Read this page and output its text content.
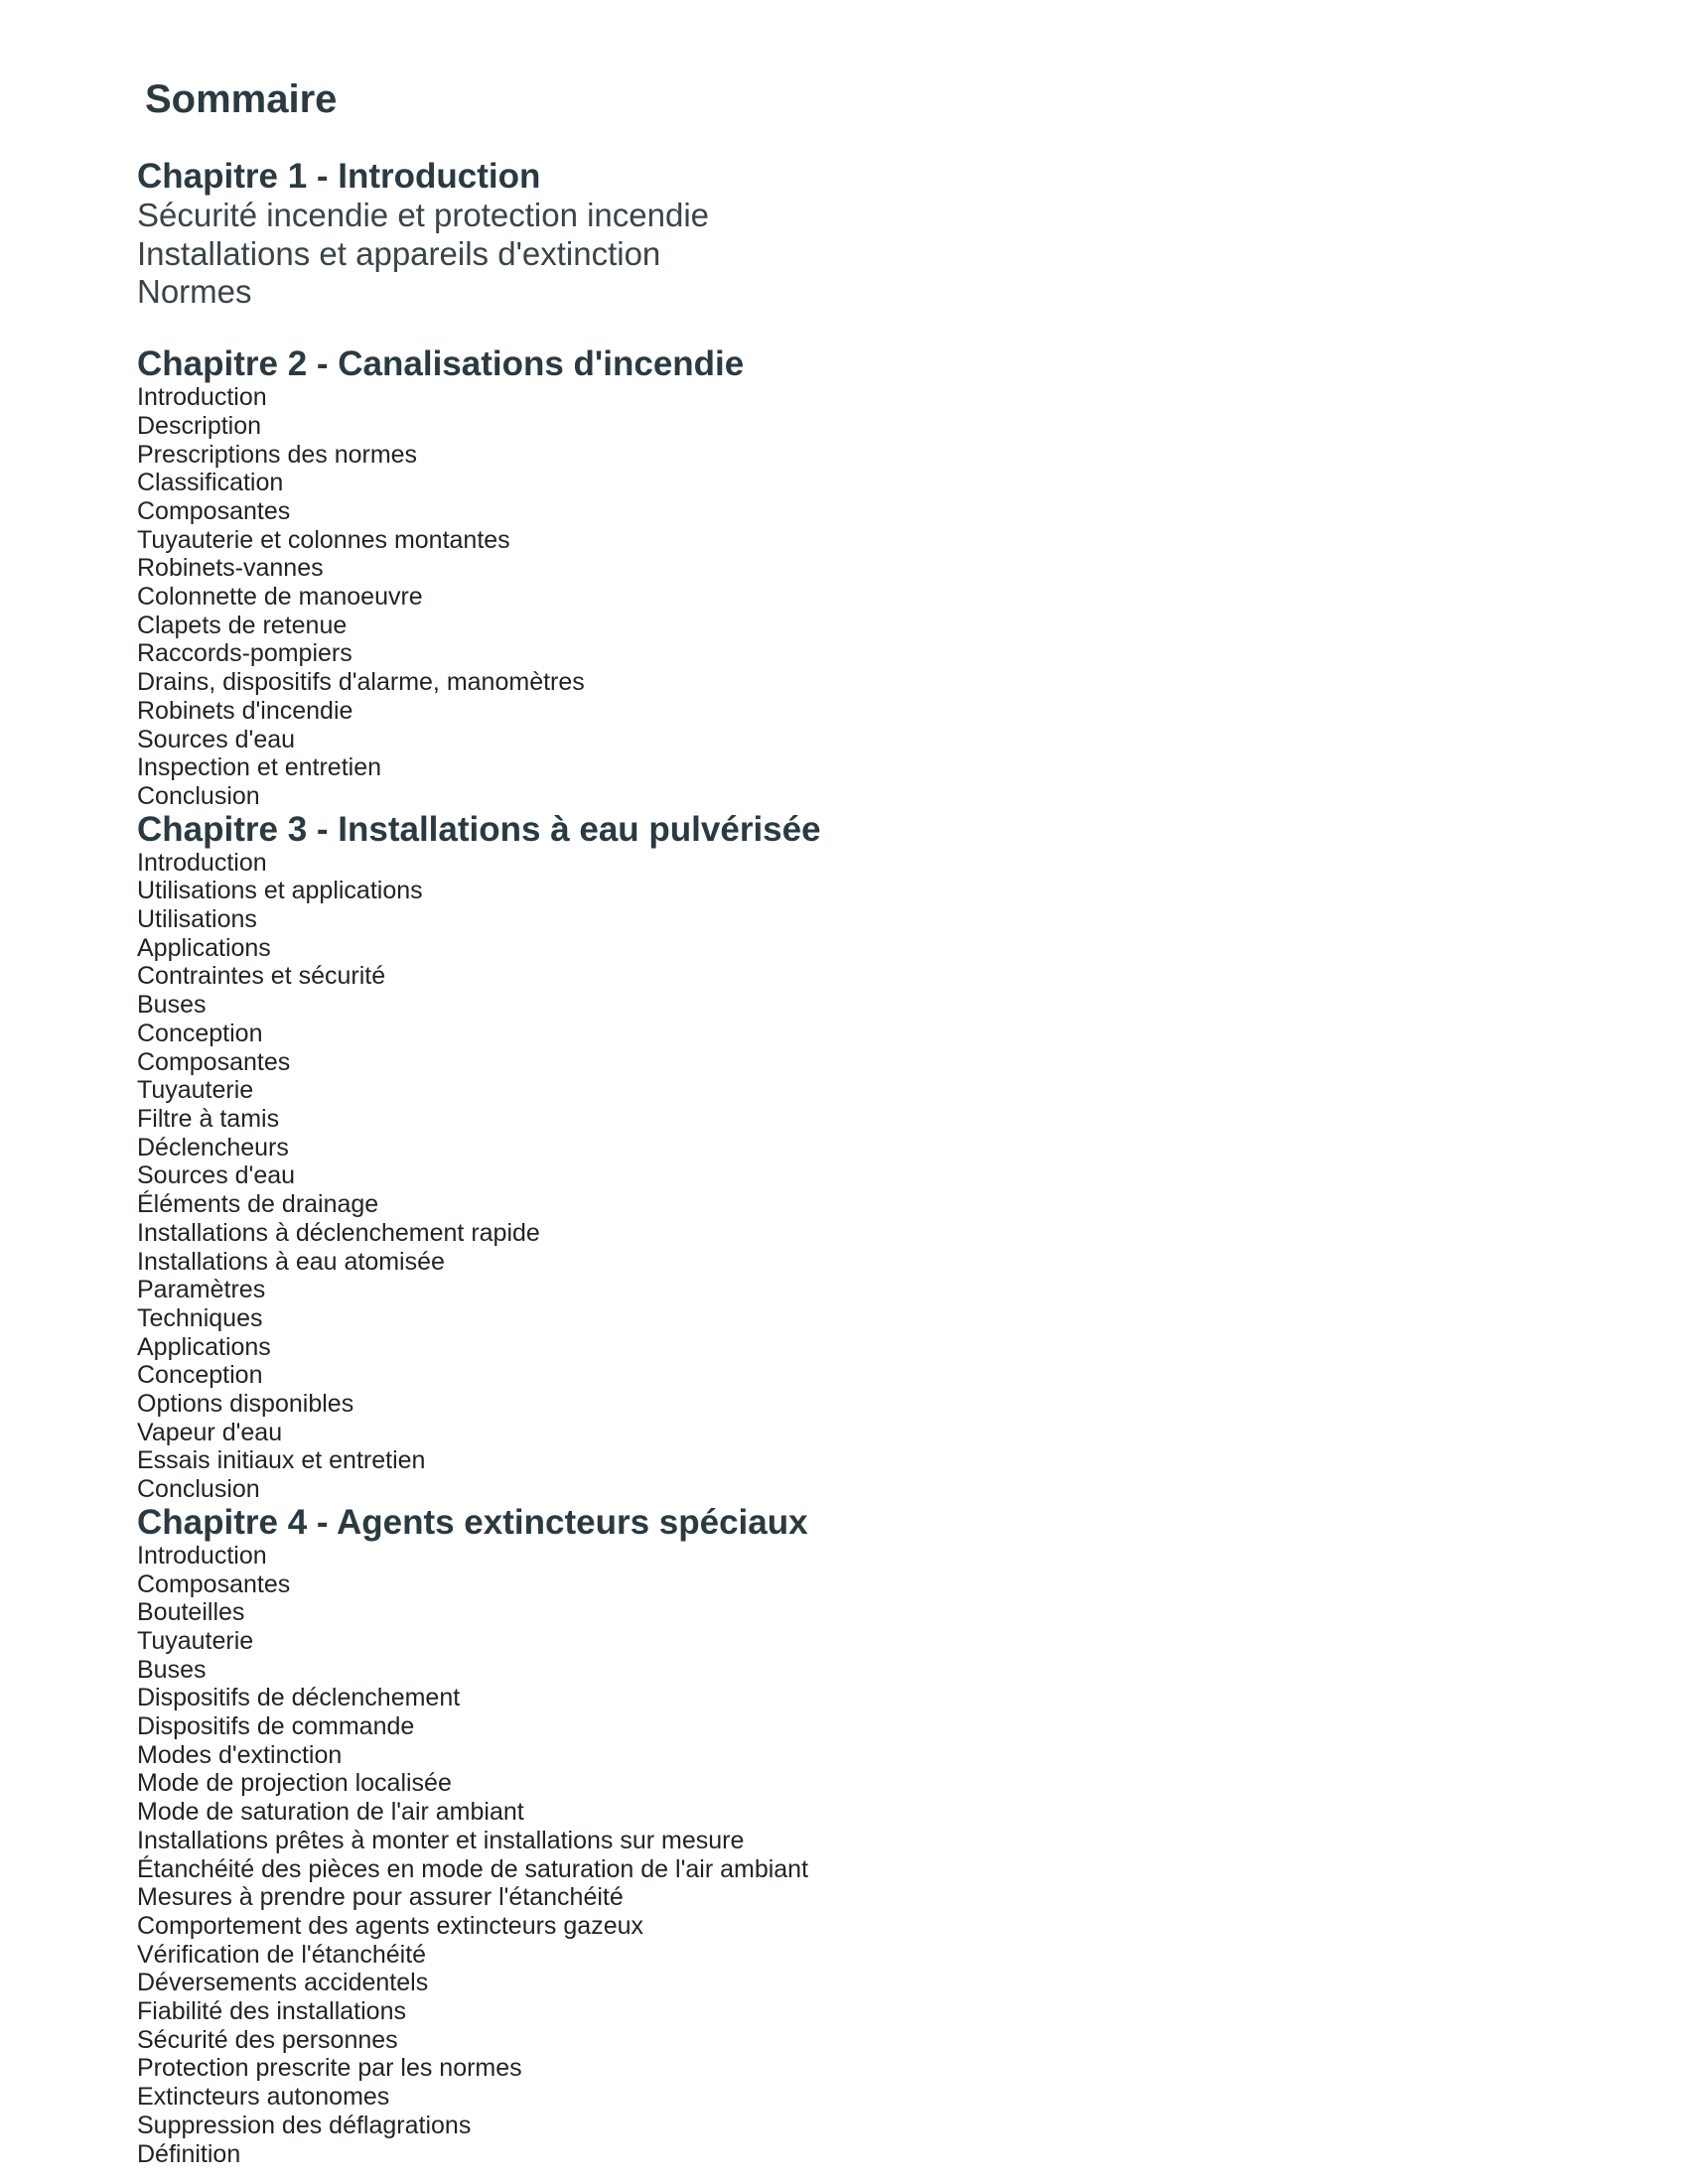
Sommaire
Chapitre 1 - Introduction
Sécurité incendie et protection incendie
Installations et appareils d'extinction
Normes
Chapitre 2 - Canalisations d'incendie
Introduction
Description
Prescriptions des normes
Classification
Composantes
Tuyauterie et colonnes montantes
Robinets-vannes
Colonnette de manoeuvre
Clapets de retenue
Raccords-pompiers
Drains, dispositifs d'alarme, manomètres
Robinets d'incendie
Sources d'eau
Inspection et entretien
Conclusion
Chapitre 3 - Installations à eau pulvérisée
Introduction
Utilisations et applications
Utilisations
Applications
Contraintes et sécurité
Buses
Conception
Composantes
Tuyauterie
Filtre à tamis
Déclencheurs
Sources d'eau
Éléments de drainage
Installations à déclenchement rapide
Installations à eau atomisée
Paramètres
Techniques
Applications
Conception
Options disponibles
Vapeur d'eau
Essais initiaux et entretien
Conclusion
Chapitre 4 - Agents extincteurs spéciaux
Introduction
Composantes
Bouteilles
Tuyauterie
Buses
Dispositifs de déclenchement
Dispositifs de commande
Modes d'extinction
Mode de projection localisée
Mode de saturation de l'air ambiant
Installations prêtes à monter et installations sur mesure
Étanchéité des pièces en mode de saturation de l'air ambiant
Mesures à prendre pour assurer l'étanchéité
Comportement des agents extincteurs gazeux
Vérification de l'étanchéité
Déversements accidentels
Fiabilité des installations
Sécurité des personnes
Protection prescrite par les normes
Extincteurs autonomes
Suppression des déflagrations
Définition
